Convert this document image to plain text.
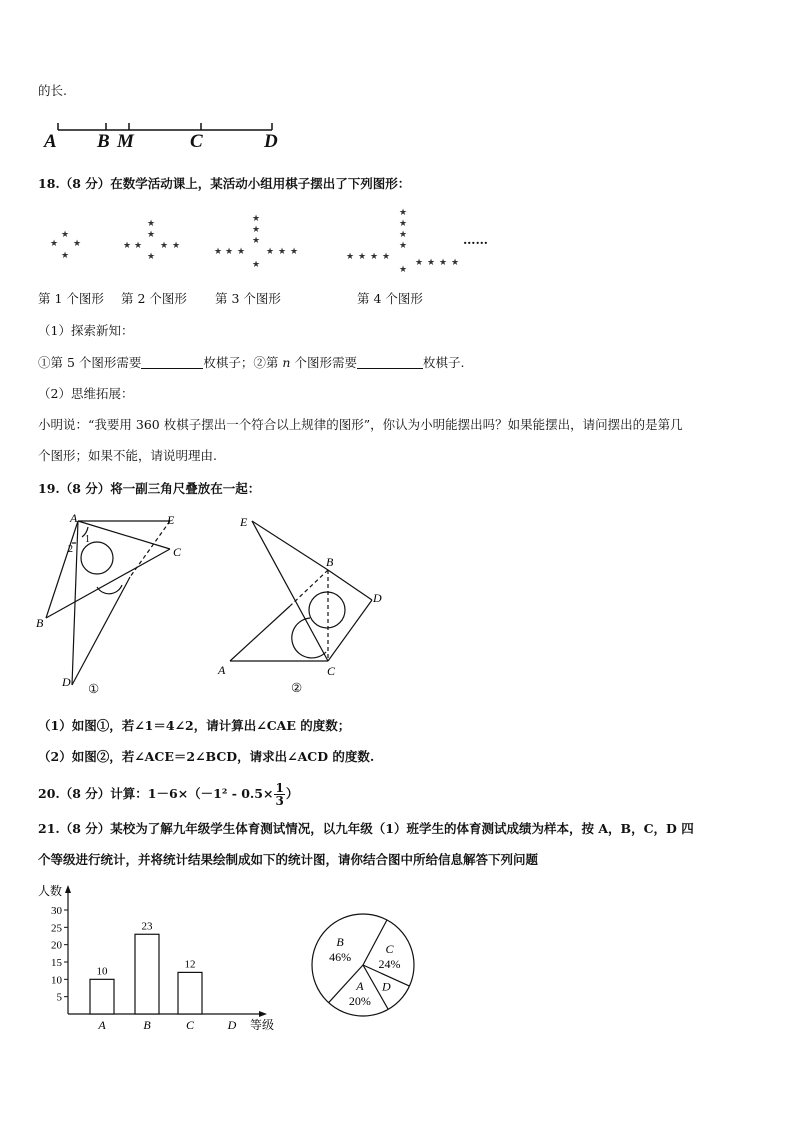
的长.
A B M	C	D
18.（8 分）在数学活动课上，某活动小组用棋子摆出了下列图形：
★
★
★
★	★ ★
★
★
★
★ ★
★ ★ ★
★
★
★
★
★ ★ ★	★ ★ ★ ★
★
★
★
★
★
★ ★ ★ ★
……
第 1 个图形 第 2 个图形 第 3 个图形	第 4 个图形
（1）探索新知：
①第 5 个图形需要	枚棋子；②第 n 个图形需要	枚棋子.
（2）思维拓展：
小明说：“我要用 360 枚棋子摆出一个符合以上规律的图形”，你认为小明能摆出吗？如果能摆出，请问摆出的是第几
个图形；如果不能，请说明理由.
19.（8 分）将一副三角尺叠放在一起：
A	E
C
B
D
1
2
①
E
B
D
A	C
②
（1）如图①，若∠1＝4∠2，请计算出∠CAE 的度数；
（2）如图②，若∠ACE＝2∠BCD，请求出∠ACD 的度数.
20.（8 分）计算：$1-6\times(-1^2 - 0.5\times \frac{1}{3}$ ）
21.（8 分）某校为了解九年级学生体育测试情况，以九年级（1）班学生的体育测试成绩为样本，按 A，B，C，D 四
个等级进行统计，并将统计结果绘制成如下的统计图，请你结合图中所给信息解答下列问题
人数
等级
5
10
15
20
25
30
10
A
23
B
12
C	D
B
46%
C
24%
D
A
20%
